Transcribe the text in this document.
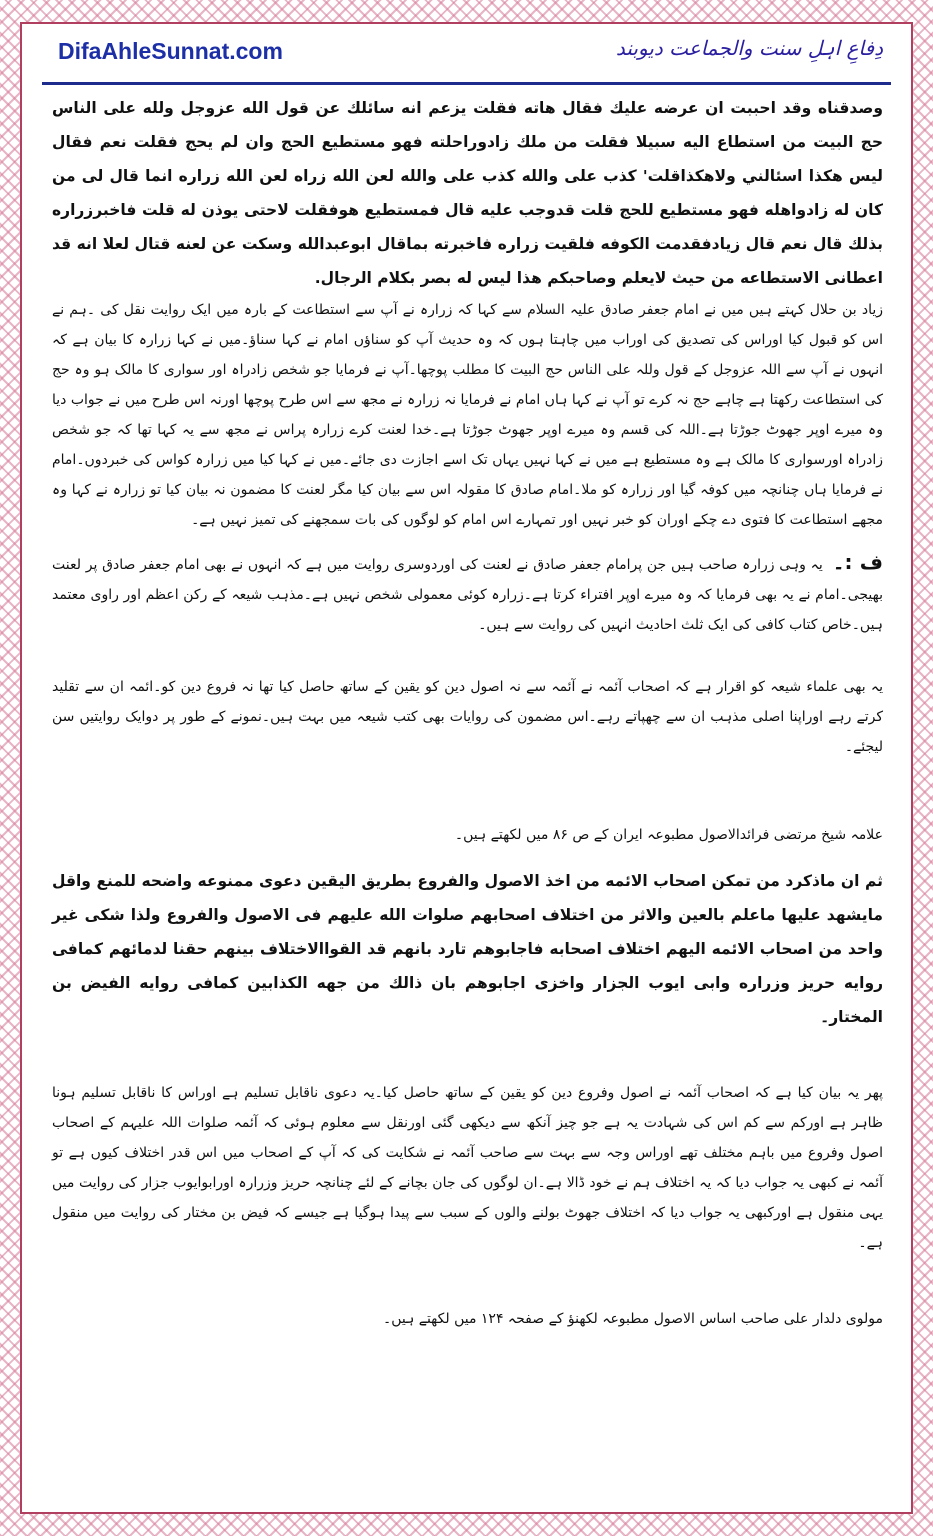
DifaAhleSunnat.com	دِفاعِ اہلِ سنت والجماعت دیوبند

وصدقناه وقد احببت ان عرضه عليك فقال هاته فقلت يزعم انه سائلك عن قول الله عزوجل ولله على الناس حج البيت من استطاع اليه سبيلا فقلت من ملك زادوراحلته فهو مستطيع الحج وان لم يحج فقلت نعم فقال ليس هكذا اسئالني ولاهكذاقلت' كذب على والله كذب على والله لعن الله زراه لعن الله زراره انما قال لى من كان له زادواهله فهو مستطيع للحج قلت قدوجب عليه قال فمستطيع هوفقلت لاحتى يوذن له قلت فاخبرزراره بذلك قال نعم قال زيادفقدمت الكوفه فلقيت زراره فاخبرته بماقال ابوعبدالله وسكت عن لعنه قتال لعلا انه قد اعطانى الاستطاعه من حيث لايعلم وصاحبكم هذا ليس له بصر بكلام الرجال.

زیاد بن حلال کہتے ہیں میں نے امام جعفر صادق علیہ السلام سے کہا کہ زرارہ نے آپ سے استطاعت کے بارہ میں ایک روایت نقل کی ۔ہم نے اس کو قبول کیا اوراس کی تصدیق کی اوراب میں چاہتا ہوں کہ وہ حدیث آپ کو سناؤں امام نے کہا سناؤ۔میں نے کہا زرارہ کا بیان ہے کہ انہوں نے آپ سے اللہ عزوجل کے قول وللہ علی الناس حج البیت کا مطلب پوچھا۔آپ نے فرمایا جو شخص زادراہ اور سواری کا مالک ہو وہ حج کی استطاعت رکھتا ہے چاہے حج نہ کرے تو آپ نے کہا ہاں امام نے فرمایا نہ زرارہ نے مجھ سے اس طرح پوچھا اورنہ اس طرح میں نے جواب دیا وہ میرے اوپر جھوٹ جوڑتا ہے۔اللہ کی قسم وہ میرے اوپر جھوٹ جوڑتا ہے۔خدا لعنت کرے زرارہ پراس نے مجھ سے یہ کہا تھا کہ جو شخص زادراہ اورسواری کا مالک ہے وہ مستطیع ہے میں نے کہا نہیں یہاں تک اسے اجازت دی جائے۔میں نے کہا کیا میں زرارہ کواس کی خبردوں۔امام نے فرمایا ہاں چنانچہ میں کوفہ گیا اور زرارہ کو ملا۔امام صادق کا مقولہ اس سے بیان کیا مگر لعنت کا مضمون نہ بیان کیا تو زرارہ نے کہا وہ مجھے استطاعت کا فتوی دے چکے اوران کو خبر نہیں اور تمہارے اس امام کو لوگوں کی بات سمجھنے کی تمیز نہیں ہے۔

ف :۔یہ وہی زرارہ صاحب ہیں جن پرامام جعفر صادق نے لعنت کی اوردوسری روایت میں ہے کہ انہوں نے بھی امام جعفر صادق پر لعنت بھیجی۔امام نے یہ بھی فرمایا کہ وہ میرے اوپر افتراء کرتا ہے۔زرارہ کوئی معمولی شخص نہیں ہے۔مذہب شیعہ کے رکن اعظم اور راوی معتمد ہیں۔خاص کتاب کافی کی ایک ثلث احادیث انہیں کی روایت سے ہیں۔

یہ بھی علماء شیعہ کو اقرار ہے کہ اصحاب آئمہ نے آئمہ سے نہ اصول دین کو یقین کے ساتھ حاصل کیا تھا نہ فروع دین کو۔ائمہ ان سے تقلید کرتے رہے اوراپنا اصلی مذہب ان سے چھپاتے رہے۔اس مضمون کی روایات بھی کتب شیعہ میں بہت ہیں۔نمونے کے طور پر دوایک روایتیں سن لیجئے۔

علامہ شیخ مرتضی فرائدالاصول مطبوعہ ایران کے ص ۸۶ میں لکھتے ہیں۔

ثم ان ماذكرد من تمكن اصحاب الائمه من اخذ الاصول والفروع بطريق اليقين دعوى ممنوعه واضحه للمنع واقل مايشهد عليها ماعلم بالعين والاثر من اختلاف اصحابهم صلوات الله عليهم فى الاصول والفروع ولذا شكى غير واحد من اصحاب الائمه اليهم اختلاف اصحابه فاجابوهم تارد بانهم قد القواالاختلاف بينهم حقنا لدمائهم كمافى روايه حريز وزراره وابى ايوب الجزار واخزى اجابوهم بان ذالك من جهه الكذابين كمافى روايه الفيض بن المختار۔

پھر یہ بیان کیا ہے کہ اصحاب آئمہ نے اصول وفروع دین کو یقین کے ساتھ حاصل کیا۔یہ دعوی ناقابل تسلیم ہے اوراس کا ناقابل تسلیم ہونا ظاہر ہے اورکم سے کم اس کی شہادت یہ ہے جو چیز آنکھ سے دیکھی گئی اورنقل سے معلوم ہوئی کہ آئمہ صلوات اللہ علیہم کے اصحاب اصول وفروع میں باہم مختلف تھے اوراس وجہ سے بہت سے صاحب آئمہ نے شکایت کی کہ آپ کے اصحاب میں اس قدر اختلاف کیوں ہے تو آئمہ نے کبھی یہ جواب دیا کہ یہ اختلاف ہم نے خود ڈالا ہے۔ان لوگوں کی جان بچانے کے لئے چنانچہ حریز وزرارہ اورابوایوب جزار کی روایت میں یہی منقول ہے اورکبھی یہ جواب دیا کہ اختلاف جھوٹ بولنے والوں کے سبب سے پیدا ہوگیا ہے جیسے کہ فیض بن مختار کی روایت میں منقول ہے۔

مولوی دلدار علی صاحب اساس الاصول مطبوعہ لکھنؤ کے صفحہ ۱۲۴ میں لکھتے ہیں۔
